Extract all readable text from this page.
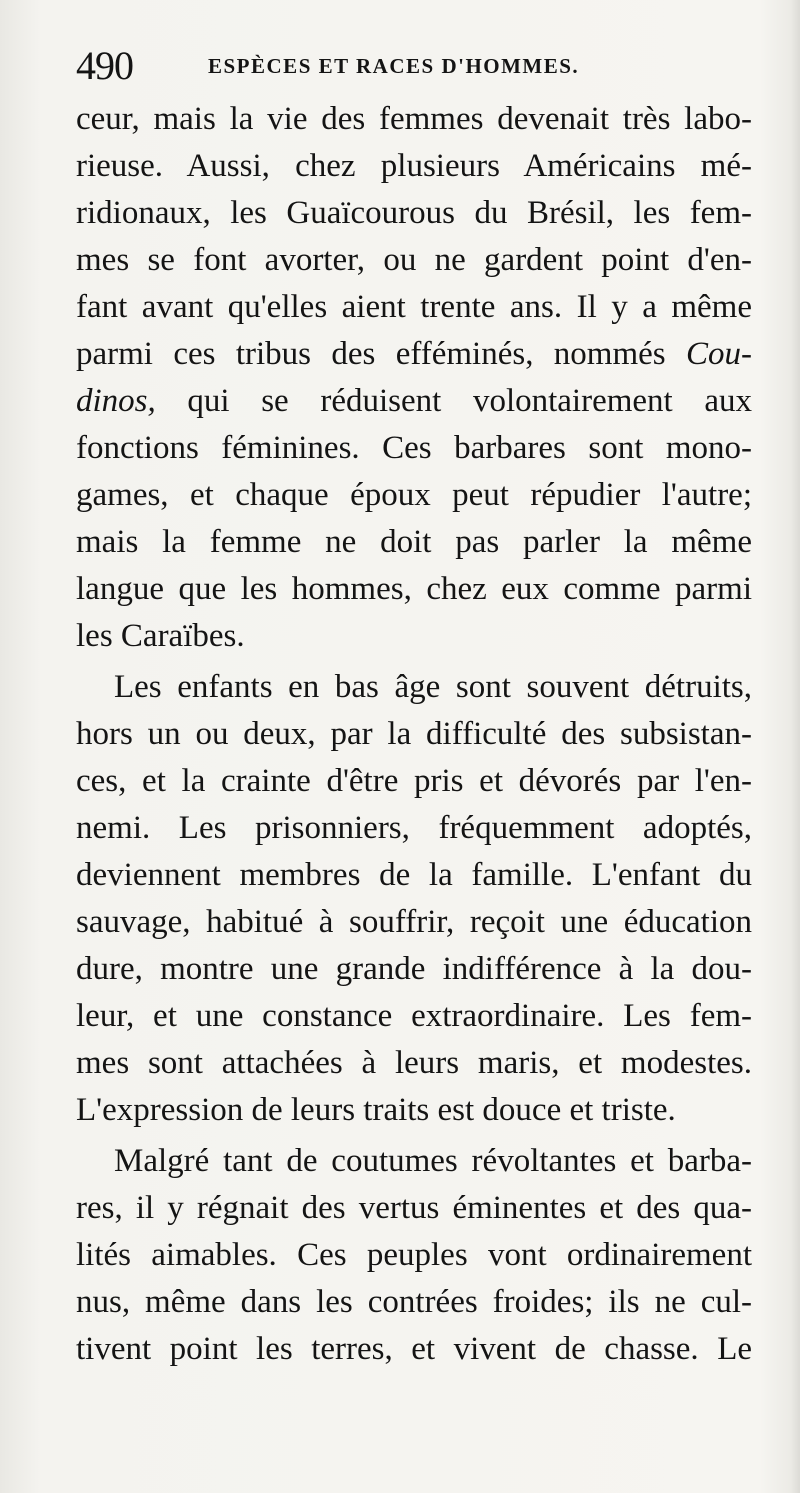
490	ESPÈCES ET RACES D'HOMMES.
ceur, mais la vie des femmes devenait très labo-
rieuse. Aussi, chez plusieurs Américains mé-
ridionaux, les Guaïcourous du Brésil, les fem-
mes se font avorter, ou ne gardent point d'en-
fant avant qu'elles aient trente ans. Il y a même
parmi ces tribus des efféminés, nommés Cou-
dinos, qui se réduisent volontairement aux
fonctions féminines. Ces barbares sont mono-
games, et chaque époux peut répudier l'autre;
mais la femme ne doit pas parler la même
langue que les hommes, chez eux comme parmi
les Caraïbes.
Les enfants en bas âge sont souvent détruits,
hors un ou deux, par la difficulté des subsistan-
ces, et la crainte d'être pris et dévorés par l'en-
nemi. Les prisonniers, fréquemment adoptés,
deviennent membres de la famille. L'enfant du
sauvage, habitué à souffrir, reçoit une éducation
dure, montre une grande indifférence à la dou-
leur, et une constance extraordinaire. Les fem-
mes sont attachées à leurs maris, et modestes.
L'expression de leurs traits est douce et triste.
Malgré tant de coutumes révoltantes et barba-
res, il y régnait des vertus éminentes et des qua-
lités aimables. Ces peuples vont ordinairement
nus, même dans les contrées froides; ils ne cul-
tivent point les terres, et vivent de chasse. Le
